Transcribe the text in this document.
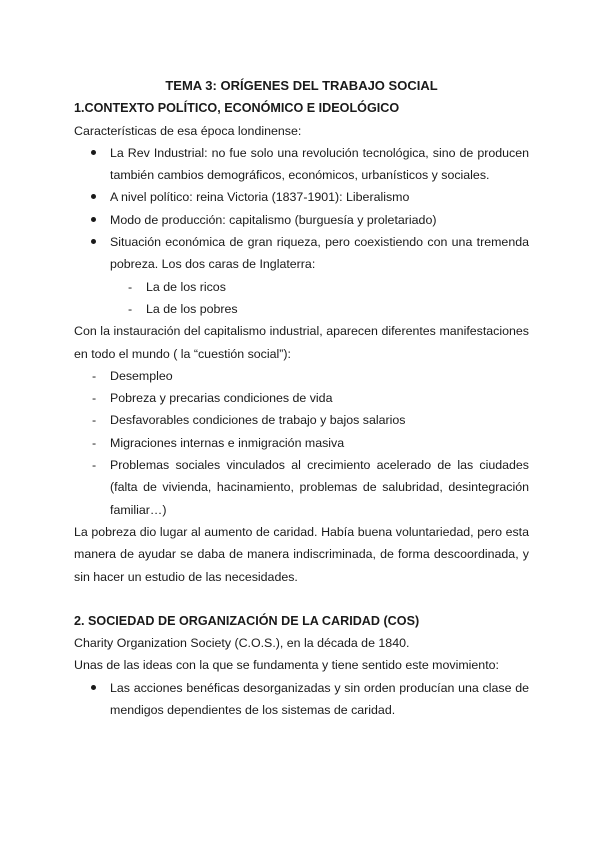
TEMA 3: ORÍGENES DEL TRABAJO SOCIAL

1.CONTEXTO POLÍTICO, ECONÓMICO E IDEOLÓGICO

Características de esa época londinense:

La Rev Industrial: no fue solo una revolución tecnológica, sino de producen también cambios demográficos, económicos, urbanísticos y sociales.
A nivel político: reina Victoria (1837-1901): Liberalismo
Modo de producción: capitalismo (burguesía y proletariado)
Situación económica de gran riqueza, pero coexistiendo con una tremenda pobreza. Los dos caras de Inglaterra:
- La de los ricos
- La de los pobres

Con la instauración del capitalismo industrial, aparecen diferentes manifestaciones en todo el mundo ( la “cuestión social”):

- Desempleo
- Pobreza y precarias condiciones de vida
- Desfavorables condiciones de trabajo y bajos salarios
- Migraciones internas e inmigración masiva
- Problemas sociales vinculados al crecimiento acelerado de las ciudades (falta de vivienda, hacinamiento, problemas de salubridad, desintegración familiar…)

La pobreza dio lugar al aumento de caridad. Había buena voluntariedad, pero esta manera de ayudar se daba de manera indiscriminada, de forma descoordinada, y sin hacer un estudio de las necesidades.

2. SOCIEDAD DE ORGANIZACIÓN DE LA CARIDAD (COS)

Charity Organization Society (C.O.S.), en la década de 1840.

Unas de las ideas con la que se fundamenta y tiene sentido este movimiento:

Las acciones benéficas desorganizadas y sin orden producían una clase de mendigos dependientes de los sistemas de caridad.
